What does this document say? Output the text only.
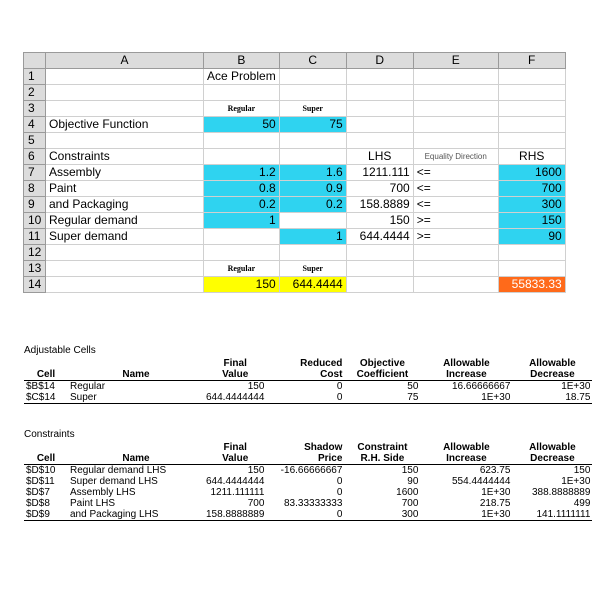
	A	B	C	D	E	F
1		Ace Problem				
2						
3		Regular	Super			
4	Objective Function	50	75			
5						
6	Constraints			LHS	Equality Direction	RHS
7	Assembly	1.2	1.6	1211.111	<=	1600
8	Paint	0.8	0.9	700	<=	700
9	and Packaging	0.2	0.2	158.8889	<=	300
10	Regular demand	1		150	>=	150
11	Super demand		1	644.4444	>=	90
12						
13		Regular	Super			
14		150	644.4444			55833.33
Adjustable Cells
		Final	Reduced	Objective	Allowable	Allowable
Cell	Name	Value	Cost	Coefficient	Increase	Decrease
$B$14	Regular	150	0	50	16.66666667	1E+30
$C$14	Super	644.4444444	0	75	1E+30	18.75
Constraints
		Final	Shadow	Constraint	Allowable	Allowable
Cell	Name	Value	Price	R.H. Side	Increase	Decrease
$D$10	Regular demand LHS	150	-16.66666667	150	623.75	150
$D$11	Super demand LHS	644.4444444	0	90	554.4444444	1E+30
$D$7	Assembly LHS	1211.111111	0	1600	1E+30	388.8888889
$D$8	Paint LHS	700	83.33333333	700	218.75	499
$D$9	and Packaging LHS	158.8888889	0	300	1E+30	141.1111111
